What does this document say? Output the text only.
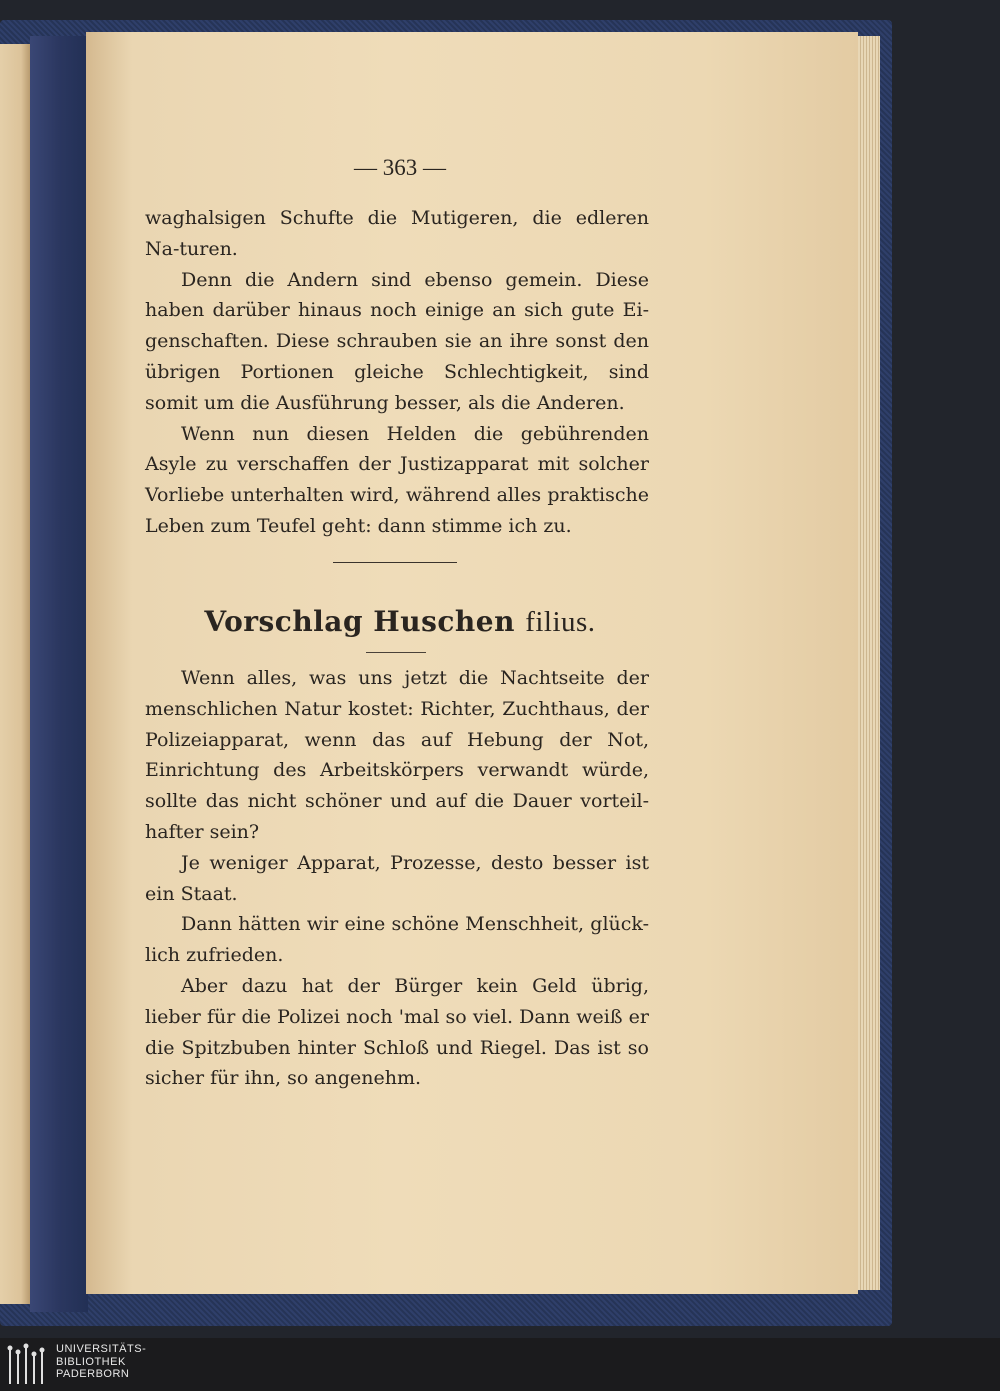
— 363 —

waghalsigen Schufte die Mutigeren, die edleren Na-turen.

Denn die Andern sind ebenso gemein. Diese haben darüber hinaus noch einige an sich gute Ei-genschaften. Diese schrauben sie an ihre sonst den übrigen Portionen gleiche Schlechtigkeit, sind somit um die Ausführung besser, als die Anderen.

Wenn nun diesen Helden die gebührenden Asyle zu verschaffen der Justizapparat mit solcher Vorliebe unterhalten wird, während alles praktische Leben zum Teufel geht: dann stimme ich zu.

Vorschlag Huschen filius.

Wenn alles, was uns jetzt die Nachtseite der menschlichen Natur kostet: Richter, Zuchthaus, der Polizeiapparat, wenn das auf Hebung der Not, Einrichtung des Arbeitskörpers verwandt würde, sollte das nicht schöner und auf die Dauer vorteil-hafter sein?

Je weniger Apparat, Prozesse, desto besser ist ein Staat.

Dann hätten wir eine schöne Menschheit, glück-lich zufrieden.

Aber dazu hat der Bürger kein Geld übrig, lieber für die Polizei noch 'mal so viel. Dann weiß er die Spitzbuben hinter Schloß und Riegel. Das ist so sicher für ihn, so angenehm.

UNIVERSITÄTS-
BIBLIOTHEK
PADERBORN
